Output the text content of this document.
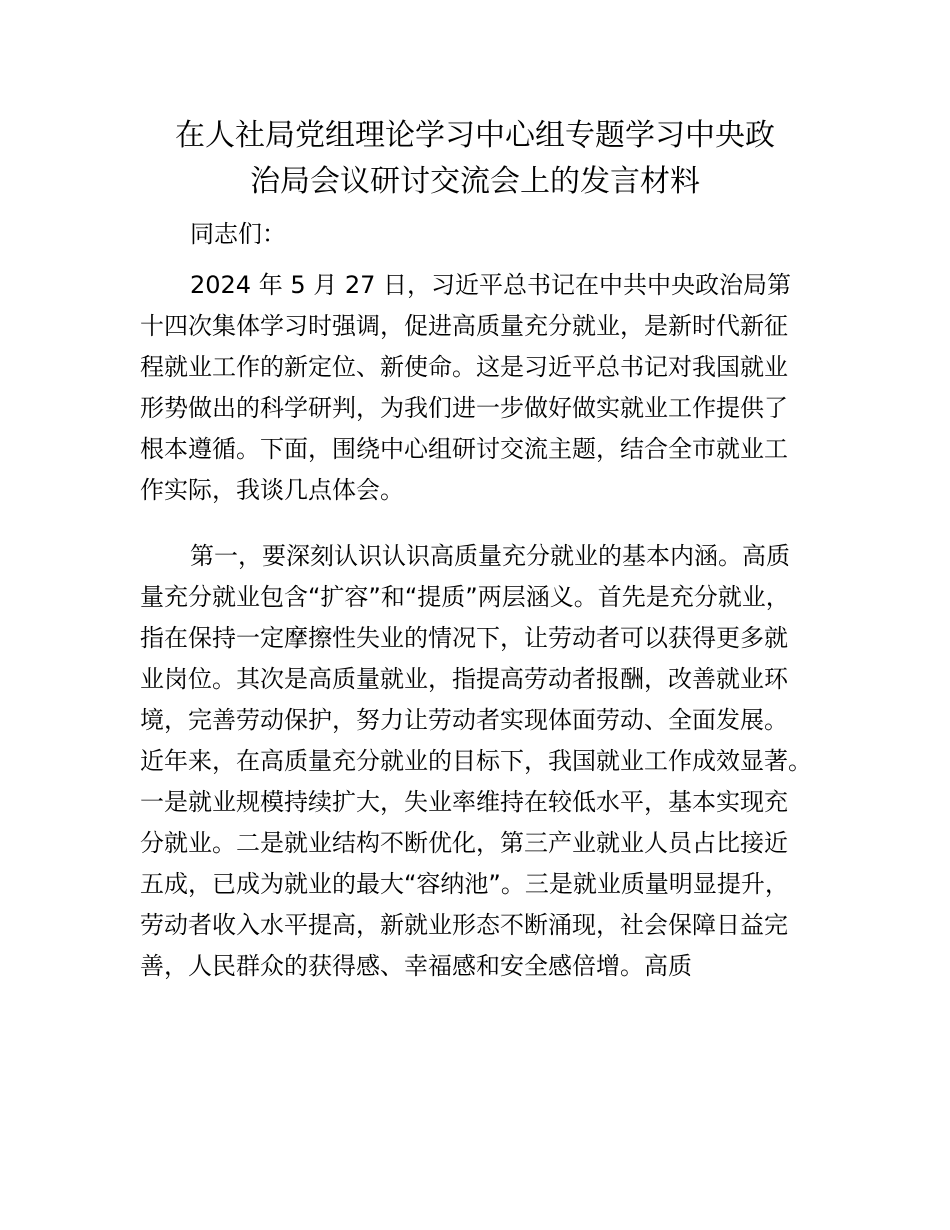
在人社局党组理论学习中心组专题学习中央政
治局会议研讨交流会上的发言材料
同志们：
2024 年 5 月 27 日，习近平总书记在中共中央政治局第
十四次集体学习时强调，促进高质量充分就业，是新时代新征
程就业工作的新定位、新使命。这是习近平总书记对我国就业
形势做出的科学研判，为我们进一步做好做实就业工作提供了
根本遵循。下面，围绕中心组研讨交流主题，结合全市就业工
作实际，我谈几点体会。
第一，要深刻认识认识高质量充分就业的基本内涵。高质
量充分就业包含“扩容”和“提质”两层涵义。首先是充分就业，
指在保持一定摩擦性失业的情况下，让劳动者可以获得更多就
业岗位。其次是高质量就业，指提高劳动者报酬，改善就业环
境，完善劳动保护，努力让劳动者实现体面劳动、全面发展。
近年来，在高质量充分就业的目标下，我国就业工作成效显著。
一是就业规模持续扩大，失业率维持在较低水平，基本实现充
分就业。二是就业结构不断优化，第三产业就业人员占比接近
五成，已成为就业的最大“容纳池”。三是就业质量明显提升，
劳动者收入水平提高，新就业形态不断涌现，社会保障日益完
善，人民群众的获得感、幸福感和安全感倍增。高质
